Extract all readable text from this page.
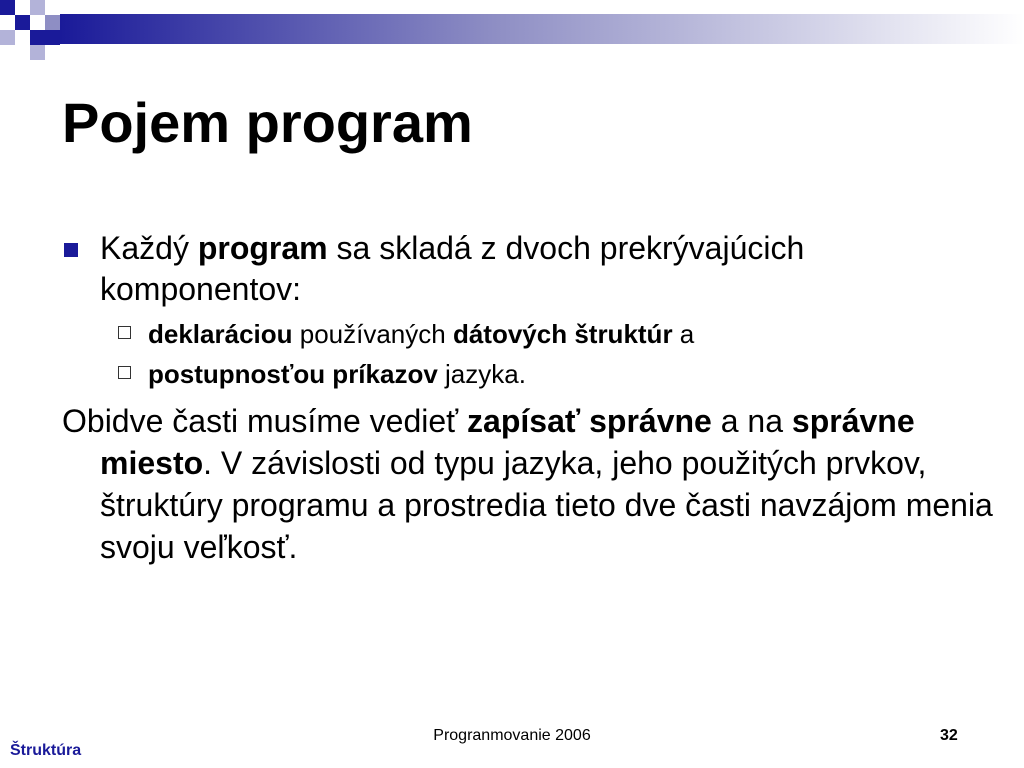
Pojem program
Každý program sa skladá z dvoch prekrývajúcich komponentov:
deklaráciou používaných dátových štruktúr a
postupnosťou príkazov jazyka.
Obidve časti musíme vedieť zapísať správne a na správne miesto. V závislosti od typu jazyka, jeho použitých prvkov, štruktúry programu a prostredia tieto dve časti navzájom menia svoju veľkosť.
Progranmovanie 2006	32
Štruktúra
